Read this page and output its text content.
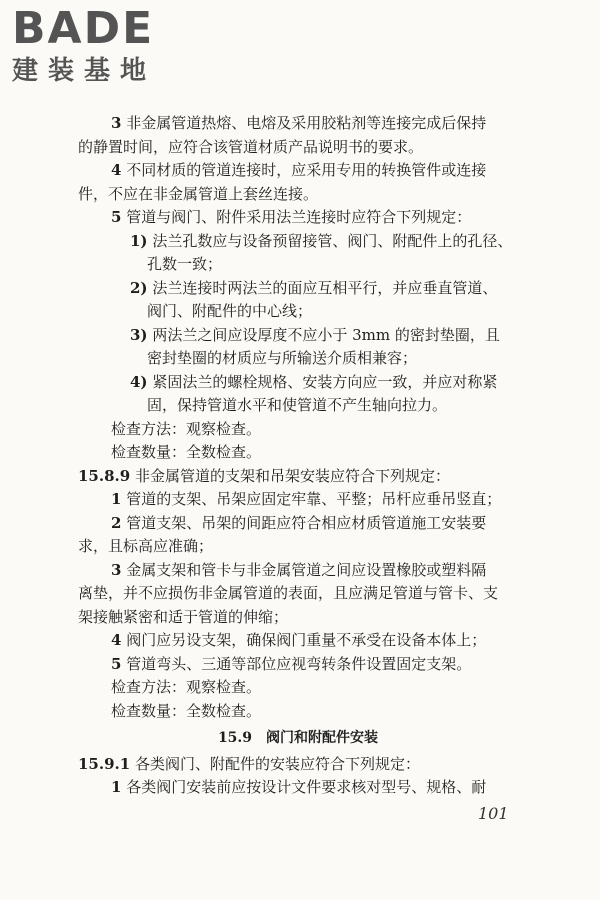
BADE
建装基地
3 非金属管道热熔、电熔及采用胶粘剂等连接完成后保持
的静置时间，应符合该管道材质产品说明书的要求。
4 不同材质的管道连接时，应采用专用的转换管件或连接
件，不应在非金属管道上套丝连接。
5 管道与阀门、附件采用法兰连接时应符合下列规定：
1) 法兰孔数应与设备预留接管、阀门、附配件上的孔径、
孔数一致；
2) 法兰连接时两法兰的面应互相平行，并应垂直管道、
阀门、附配件的中心线；
3) 两法兰之间应设厚度不应小于 3mm 的密封垫圈，且
密封垫圈的材质应与所输送介质相兼容；
4) 紧固法兰的螺栓规格、安装方向应一致，并应对称紧
固，保持管道水平和使管道不产生轴向拉力。
检查方法：观察检查。
检查数量：全数检查。
15.8.9 非金属管道的支架和吊架安装应符合下列规定：
1 管道的支架、吊架应固定牢靠、平整；吊杆应垂吊竖直；
2 管道支架、吊架的间距应符合相应材质管道施工安装要
求，且标高应准确；
3 金属支架和管卡与非金属管道之间应设置橡胶或塑料隔
离垫，并不应损伤非金属管道的表面，且应满足管道与管卡、支
架接触紧密和适于管道的伸缩；
4 阀门应另设支架，确保阀门重量不承受在设备本体上；
5 管道弯头、三通等部位应视弯转条件设置固定支架。
检查方法：观察检查。
检查数量：全数检查。
15.9　 阀门和附配件安装
15.9.1 各类阀门、附配件的安装应符合下列规定：
1 各类阀门安装前应按设计文件要求核对型号、规格、耐
101
